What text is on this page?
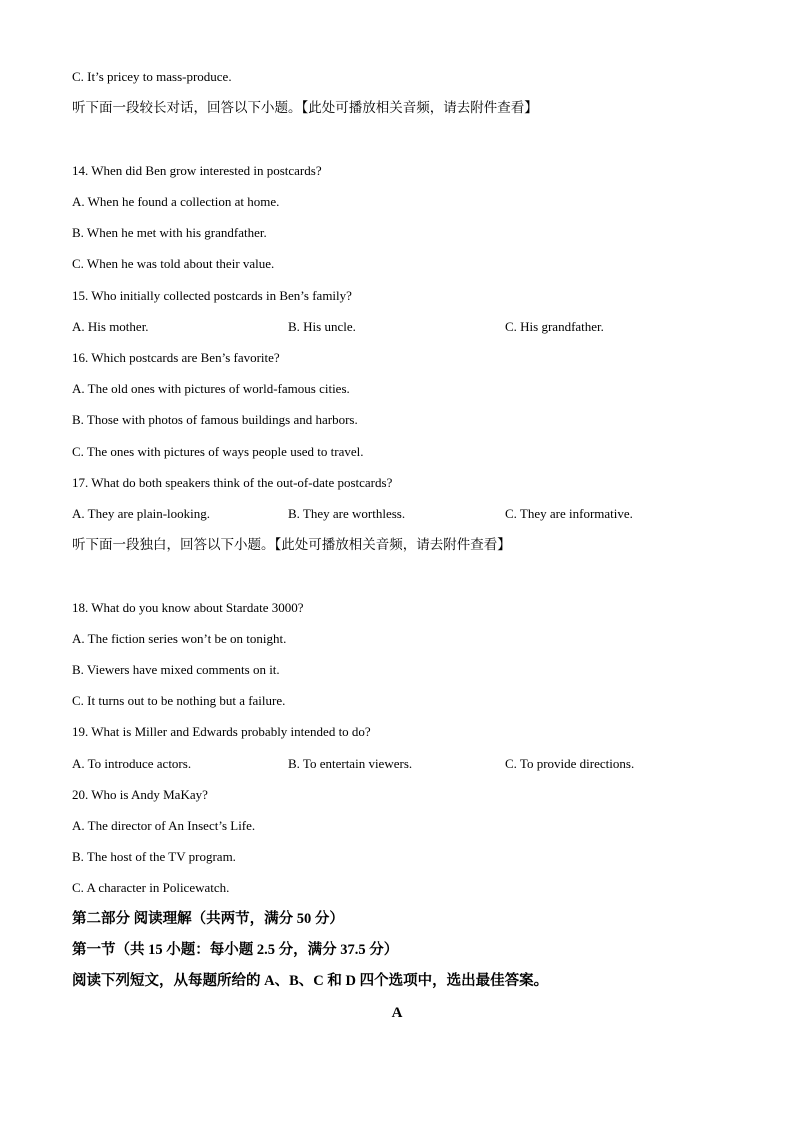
C. It’s pricey to mass-produce.
听下面一段较长对话，回答以下小题。【此处可播放相关音频，请去附件查看】
14. When did Ben grow interested in postcards?
A. When he found a collection at home.
B. When he met with his grandfather.
C. When he was told about their value.
15. Who initially collected postcards in Ben’s family?
A. His mother.	B. His uncle.	C. His grandfather.
16. Which postcards are Ben’s favorite?
A. The old ones with pictures of world-famous cities.
B. Those with photos of famous buildings and harbors.
C. The ones with pictures of ways people used to travel.
17. What do both speakers think of the out-of-date postcards?
A. They are plain-looking.	B. They are worthless.	C. They are informative.
听下面一段独白，回答以下小题。【此处可播放相关音频，请去附件查看】
18. What do you know about Stardate 3000?
A. The fiction series won’t be on tonight.
B. Viewers have mixed comments on it.
C. It turns out to be nothing but a failure.
19. What is Miller and Edwards probably intended to do?
A. To introduce actors.	B. To entertain viewers.	C. To provide directions.
20. Who is Andy MaKay?
A. The director of An Insect’s Life.
B. The host of the TV program.
C. A character in Policewatch.
第二部分 阅读理解（共两节，满分 50 分）
第一节（共 15 小题：每小题 2.5 分，满分 37.5 分）
阅读下列短文，从每题所给的 A、B、C 和 D 四个选项中，选出最佳答案。
A
